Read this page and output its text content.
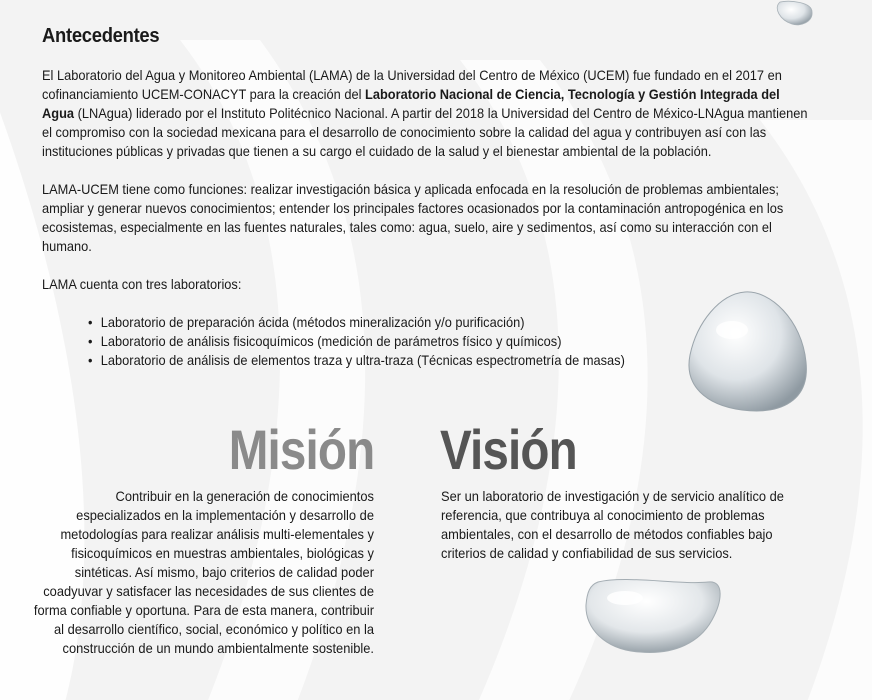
Antecedentes

El Laboratorio del Agua y Monitoreo Ambiental (LAMA) de la Universidad del Centro de México (UCEM) fue fundado en el 2017 en cofinanciamiento UCEM-CONACYT para la creación del Laboratorio Nacional de Ciencia, Tecnología y Gestión Integrada del Agua (LNAgua) liderado por el Instituto Politécnico Nacional. A partir del 2018 la Universidad del Centro de México-LNAgua mantienen el compromiso con la sociedad mexicana para el desarrollo de conocimiento sobre la calidad del agua y contribuyen así con las instituciones públicas y privadas que tienen a su cargo el cuidado de la salud y el bienestar ambiental de la población.

LAMA-UCEM tiene como funciones: realizar investigación básica y aplicada enfocada en la resolución de problemas ambientales; ampliar y generar nuevos conocimientos; entender los principales factores ocasionados por la contaminación antropogénica en los ecosistemas, especialmente en las fuentes naturales, tales como: agua, suelo, aire y sedimentos, así como su interacción con el humano.

LAMA cuenta con tres laboratorios:

• Laboratorio de preparación ácida (métodos mineralización y/o purificación)
• Laboratorio de análisis fisicoquímicos (medición de parámetros físico y químicos)
• Laboratorio de análisis de elementos traza y ultra-traza (Técnicas espectrometría de masas)
Misión Visión

Contribuir en la generación de conocimientos especializados en la implementación y desarrollo de metodologías para realizar análisis multi-elementales y fisicoquímicos en muestras ambientales, biológicas y sintéticas. Así mismo, bajo criterios de calidad poder coadyuvar y satisfacer las necesidades de sus clientes de forma confiable y oportuna. Para de esta manera, contribuir al desarrollo científico, social, económico y político en la construcción de un mundo ambientalmente sostenible.

Ser un laboratorio de investigación y de servicio analítico de referencia, que contribuya al conocimiento de problemas ambientales, con el desarrollo de métodos confiables bajo criterios de calidad y confiabilidad de sus servicios.
